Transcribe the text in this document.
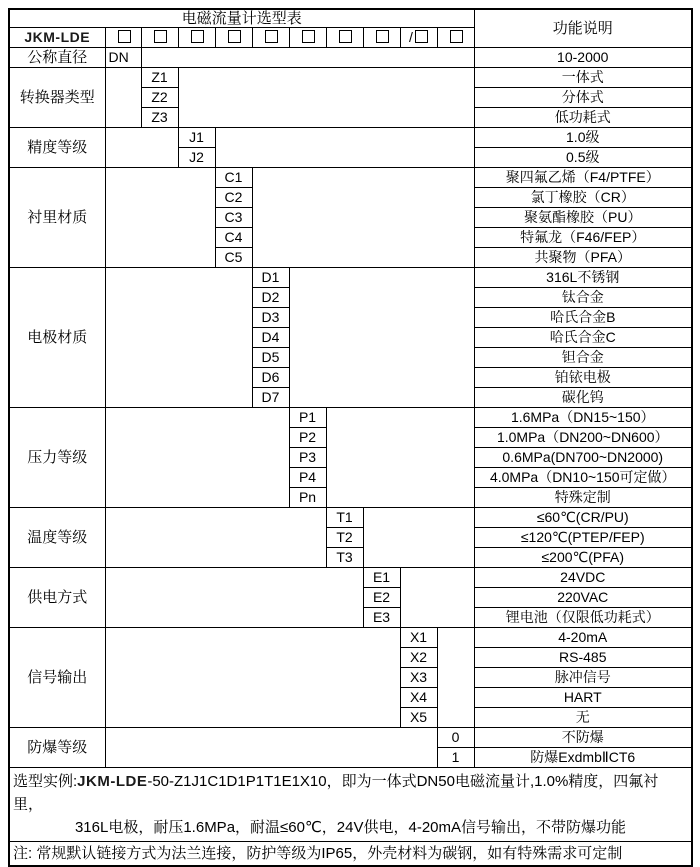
电磁流量计选型表											功能说明
JKM-LDE									/		
公称直径	DN										10-2000
转换器类型		Z1									一体式
		Z2									分体式
		Z3									低功耗式
精度等级			J1								1.0级
			J2								0.5级
衬里材质				C1							聚四氟乙烯（F4/PTFE）
				C2							氯丁橡胶（CR）
				C3							聚氨酯橡胶（PU）
				C4							特氟龙（F46/FEP）
				C5							共聚物（PFA）
电极材质					D1						316L不锈钢
					D2						钛合金
					D3						哈氏合金B
					D4						哈氏合金C
					D5						钽合金
					D6						铂铱电极
					D7						碳化钨
压力等级						P1					1.6MPa（DN15~150）
						P2					1.0MPa（DN200~DN600）
						P3					0.6MPa(DN700~DN2000)
						P4					4.0MPa（DN10~150可定做）
						Pn					特殊定制
温度等级							T1				≤60℃(CR/PU)
							T2				≤120℃(PTEP/FEP)
							T3				≤200℃(PFA)
供电方式								E1			24VDC
								E2			220VAC
								E3			锂电池（仅限低功耗式）
信号输出									X1		4-20mA
									X2		RS-485
									X3		脉冲信号
									X4		HART
									X5		无
防爆等级										0	不防爆
										1	防爆ExdmbⅡCT6

选型实例:JKM-LDE-50-Z1J1C1D1P1T1E1X10，即为一体式DN50电磁流量计,1.0%精度，四氟衬里，
316L电极，耐压1.6MPa，耐温≤60℃，24V供电，4-20mA信号输出，不带防爆功能											

注: 常规默认链接方式为法兰连接，防护等级为IP65，外壳材料为碳钢，如有特殊需求可定制											
